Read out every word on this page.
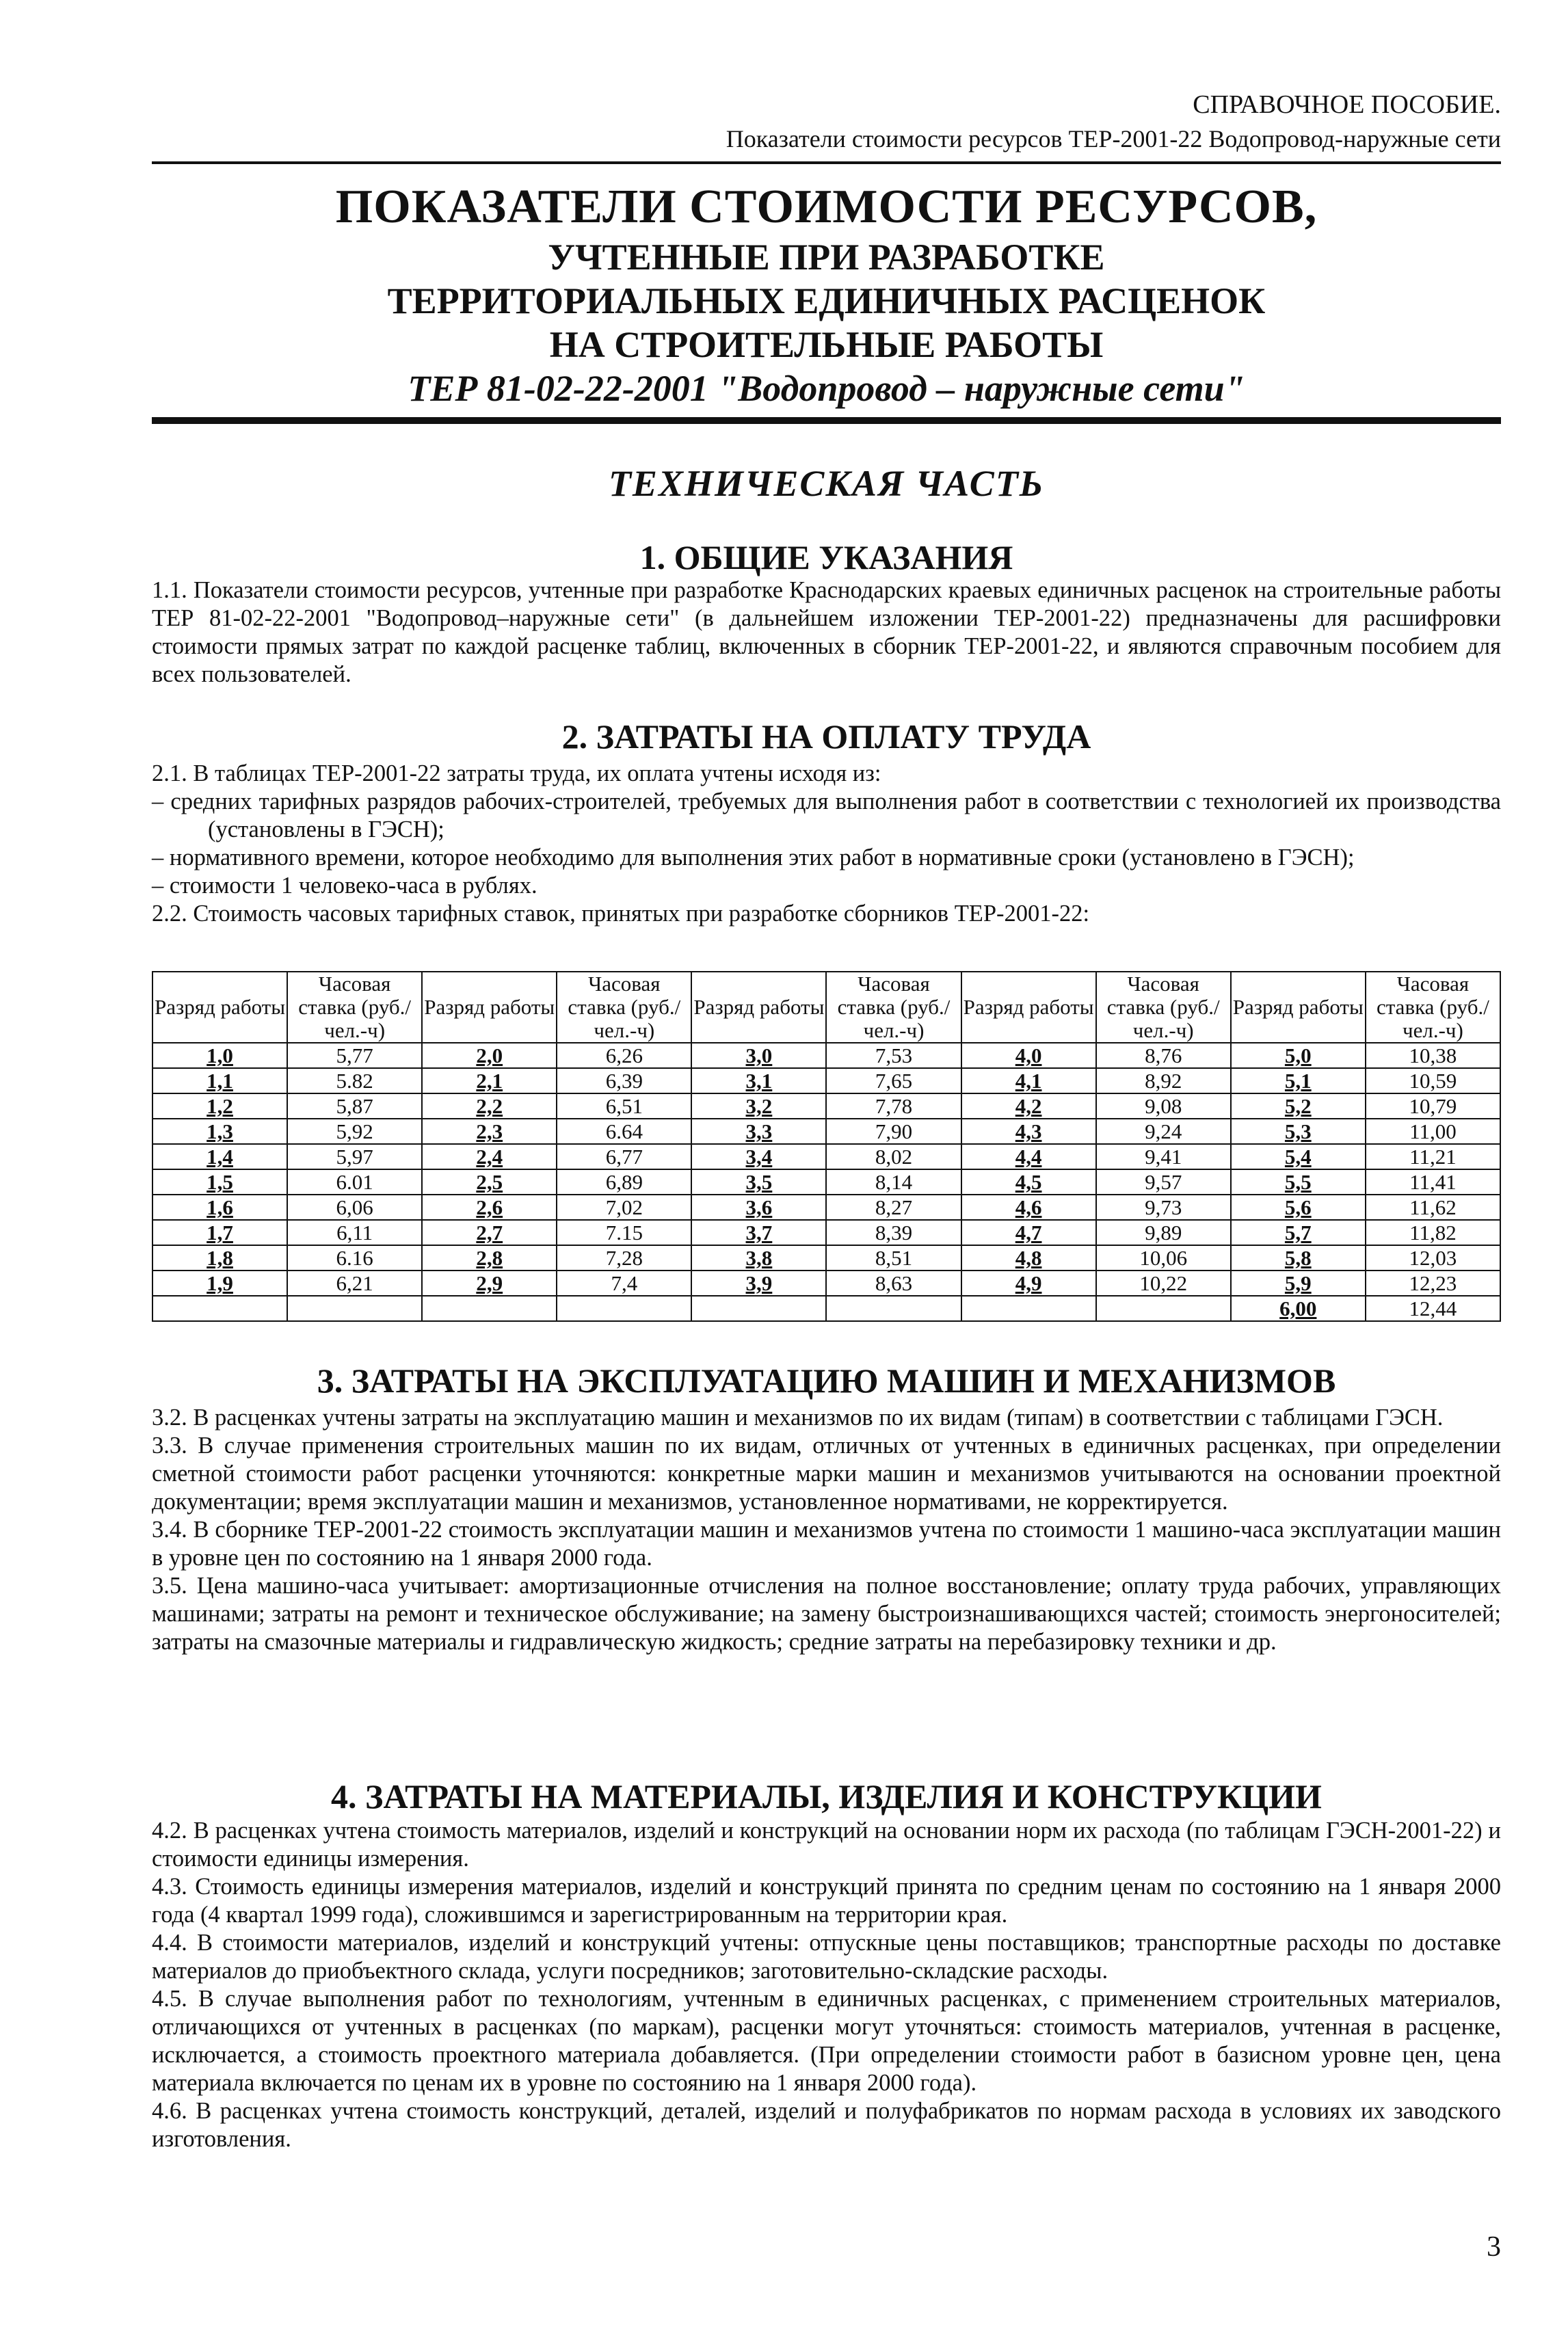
СПРАВОЧНОЕ ПОСОБИЕ.
Показатели стоимости ресурсов ТЕР-2001-22 Водопровод-наружные сети
ПОКАЗАТЕЛИ СТОИМОСТИ РЕСУРСОВ,
УЧТЕННЫЕ ПРИ РАЗРАБОТКЕ
ТЕРРИТОРИАЛЬНЫХ ЕДИНИЧНЫХ РАСЦЕНОК
НА СТРОИТЕЛЬНЫЕ РАБОТЫ
ТЕР 81-02-22-2001 "Водопровод – наружные сети"
ТЕХНИЧЕСКАЯ ЧАСТЬ
1. ОБЩИЕ УКАЗАНИЯ

1.1. Показатели стоимости ресурсов, учтенные при разработке Краснодарских краевых единичных расценок на строительные работы ТЕР 81-02-22-2001 "Водопровод–наружные сети" (в дальнейшем изложении ТЕР-2001-22) предназначены для расшифровки стоимости прямых затрат по каждой расценке таблиц, включенных в сборник ТЕР-2001-22, и являются справочным пособием для всех пользователей.

2. ЗАТРАТЫ НА ОПЛАТУ ТРУДА

2.1. В таблицах ТЕР-2001-22 затраты труда, их оплата учтены исходя из:

– средних тарифных разрядов рабочих-строителей, требуемых для выполнения работ в соответствии с технологией их производства (установлены в ГЭСН);

– нормативного времени, которое необходимо для выполнения этих работ в нормативные сроки (установлено в ГЭСН);

– стоимости 1 человеко-часа в рублях.

2.2. Стоимость часовых тарифных ставок, принятых при разработке сборников ТЕР-2001-22:

Разряд работы	Часовая ставка (руб./чел.-ч)	Разряд работы	Часовая ставка (руб./чел.-ч)	Разряд работы	Часовая ставка (руб./чел.-ч)	Разряд работы	Часовая ставка (руб./чел.-ч)	Разряд работы	Часовая ставка (руб./чел.-ч)
1,0	5,77	2,0	6,26	3,0	7,53	4,0	8,76	5,0	10,38
1,1	5.82	2,1	6,39	3,1	7,65	4,1	8,92	5,1	10,59
1,2	5,87	2,2	6,51	3,2	7,78	4,2	9,08	5,2	10,79
1,3	5,92	2,3	6.64	3,3	7,90	4,3	9,24	5,3	11,00
1,4	5,97	2,4	6,77	3,4	8,02	4,4	9,41	5,4	11,21
1,5	6.01	2,5	6,89	3,5	8,14	4,5	9,57	5,5	11,41
1,6	6,06	2,6	7,02	3,6	8,27	4,6	9,73	5,6	11,62
1,7	6,11	2,7	7.15	3,7	8,39	4,7	9,89	5,7	11,82
1,8	6.16	2,8	7,28	3,8	8,51	4,8	10,06	5,8	12,03
1,9	6,21	2,9	7,4	3,9	8,63	4,9	10,22	5,9	12,23
								6,00	12,44
3. ЗАТРАТЫ НА ЭКСПЛУАТАЦИЮ МАШИН И МЕХАНИЗМОВ

3.2. В расценках учтены затраты на эксплуатацию машин и механизмов по их видам (типам) в соответствии с таблицами ГЭСН.

3.3. В случае применения строительных машин по их видам, отличных от учтенных в единичных расценках, при определении сметной стоимости работ расценки уточняются: конкретные марки машин и механизмов учитываются на основании проектной документации; время эксплуатации машин и механизмов, установленное нормативами, не корректируется.

3.4. В сборнике ТЕР-2001-22 стоимость эксплуатации машин и механизмов учтена по стоимости 1 машино-часа эксплуатации машин в уровне цен по состоянию на 1 января 2000 года.

3.5. Цена машино-часа учитывает: амортизационные отчисления на полное восстановление; оплату труда рабочих, управляющих машинами; затраты на ремонт и техническое обслуживание; на замену быстроизнашивающихся частей; стоимость энергоносителей; затраты на смазочные материалы и гидравлическую жидкость; средние затраты на перебазировку техники и др.

4. ЗАТРАТЫ НА МАТЕРИАЛЫ, ИЗДЕЛИЯ И КОНСТРУКЦИИ

4.2. В расценках учтена стоимость материалов, изделий и конструкций на основании норм их расхода (по таблицам ГЭСН-2001-22) и стоимости единицы измерения.

4.3. Стоимость единицы измерения материалов, изделий и конструкций принята по средним ценам по состоянию на 1 января 2000 года (4 квартал 1999 года), сложившимся и зарегистрированным на территории края.

4.4. В стоимости материалов, изделий и конструкций учтены: отпускные цены поставщиков; транспортные расходы по доставке материалов до приобъектного склада, услуги посредников; заготовительно-складские расходы.

4.5. В случае выполнения работ по технологиям, учтенным в единичных расценках, с применением строительных материалов, отличающихся от учтенных в расценках (по маркам), расценки могут уточняться: стоимость материалов, учтенная в расценке, исключается, а стоимость проектного материала добавляется. (При определении стоимости работ в базисном уровне цен, цена материала включается по ценам их в уровне по состоянию на 1 января 2000 года).

4.6. В расценках учтена стоимость конструкций, деталей, изделий и полуфабрикатов по нормам расхода в условиях их заводского изготовления.

3
